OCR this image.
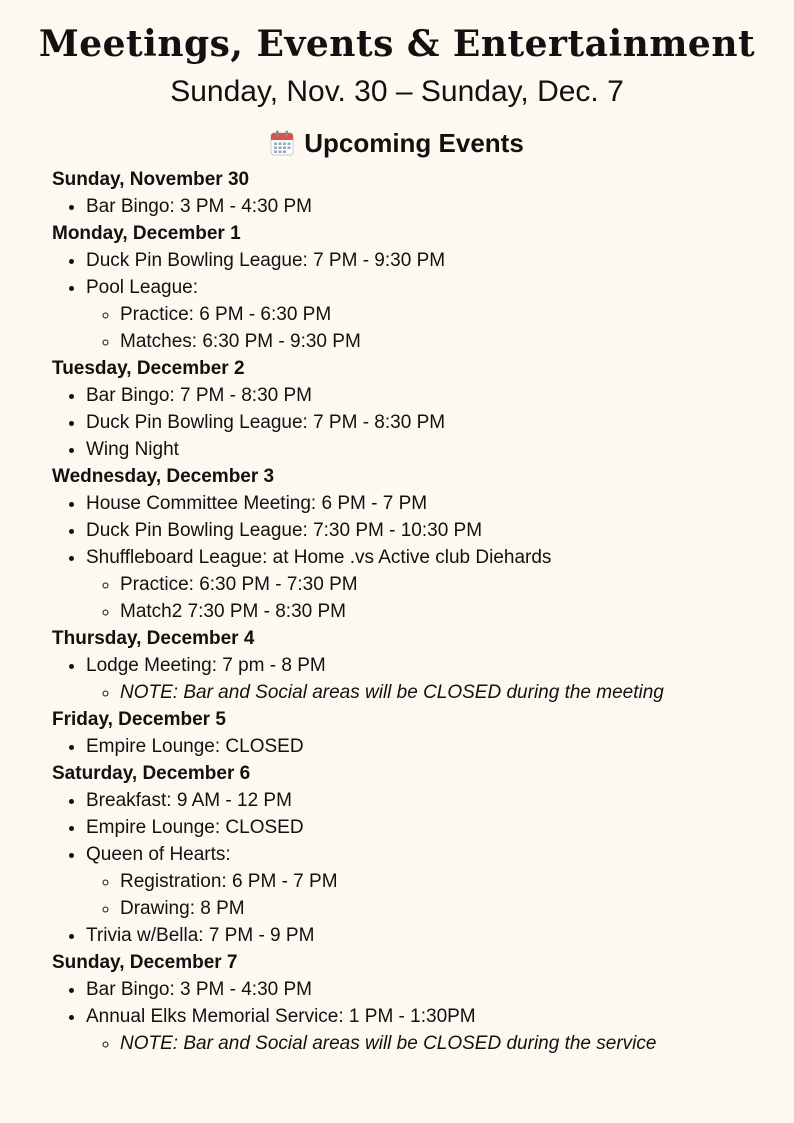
Meetings, Events & Entertainment
Sunday, Nov. 30 – Sunday, Dec. 7
Upcoming Events
Sunday, November 30
• Bar Bingo: 3 PM - 4:30 PM
Monday, December 1
• Duck Pin Bowling League: 7 PM - 9:30 PM
• Pool League:
◦ Practice: 6 PM - 6:30 PM
◦ Matches: 6:30 PM - 9:30 PM
Tuesday, December 2
• Bar Bingo: 7 PM - 8:30 PM
• Duck Pin Bowling League: 7 PM - 8:30 PM
• Wing Night
Wednesday, December 3
• House Committee Meeting: 6 PM - 7 PM
• Duck Pin Bowling League: 7:30 PM - 10:30 PM
• Shuffleboard League: at Home .vs Active club Diehards
◦ Practice: 6:30 PM - 7:30 PM
◦ Match2 7:30 PM - 8:30 PM
Thursday, December 4
• Lodge Meeting: 7 pm - 8 PM
◦ NOTE: Bar and Social areas will be CLOSED during the meeting
Friday, December 5
• Empire Lounge: CLOSED
Saturday, December 6
• Breakfast: 9 AM - 12 PM
• Empire Lounge: CLOSED
• Queen of Hearts:
◦ Registration: 6 PM - 7 PM
◦ Drawing: 8 PM
• Trivia w/Bella: 7 PM - 9 PM
Sunday, December 7
• Bar Bingo: 3 PM - 4:30 PM
• Annual Elks Memorial Service: 1 PM - 1:30PM
◦ NOTE: Bar and Social areas will be CLOSED during the service
